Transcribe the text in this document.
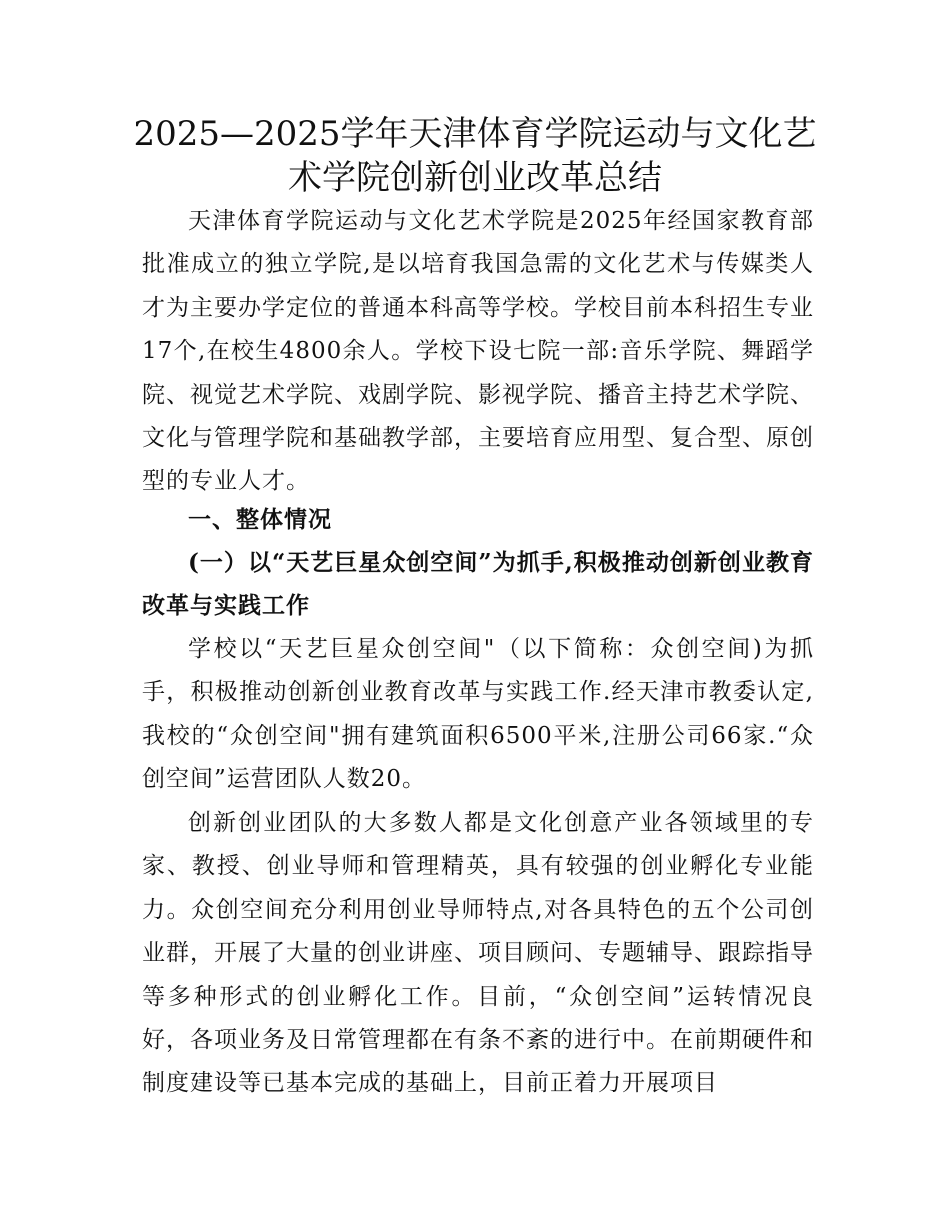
2025—2025学年天津体育学院运动与文化艺术学院创新创业改革总结
天津体育学院运动与文化艺术学院是2025年经国家教育部批准成立的独立学院,是以培育我国急需的文化艺术与传媒类人才为主要办学定位的普通本科高等学校。学校目前本科招生专业17个,在校生4800余人。学校下设七院一部:音乐学院、舞蹈学院、视觉艺术学院、戏剧学院、影视学院、播音主持艺术学院、文化与管理学院和基础教学部，主要培育应用型、复合型、原创型的专业人才。
一、整体情况
(一）以“天艺巨星众创空间”为抓手,积极推动创新创业教育改革与实践工作
学校以“天艺巨星众创空间"（以下简称：众创空间)为抓手，积极推动创新创业教育改革与实践工作.经天津市教委认定,我校的“众创空间"拥有建筑面积6500平米,注册公司66家.“众创空间”运营团队人数20。
创新创业团队的大多数人都是文化创意产业各领域里的专家、教授、创业导师和管理精英，具有较强的创业孵化专业能力。众创空间充分利用创业导师特点,对各具特色的五个公司创业群，开展了大量的创业讲座、项目顾问、专题辅导、跟踪指导等多种形式的创业孵化工作。目前，“众创空间”运转情况良好，各项业务及日常管理都在有条不紊的进行中。在前期硬件和制度建设等已基本完成的基础上，目前正着力开展项目
